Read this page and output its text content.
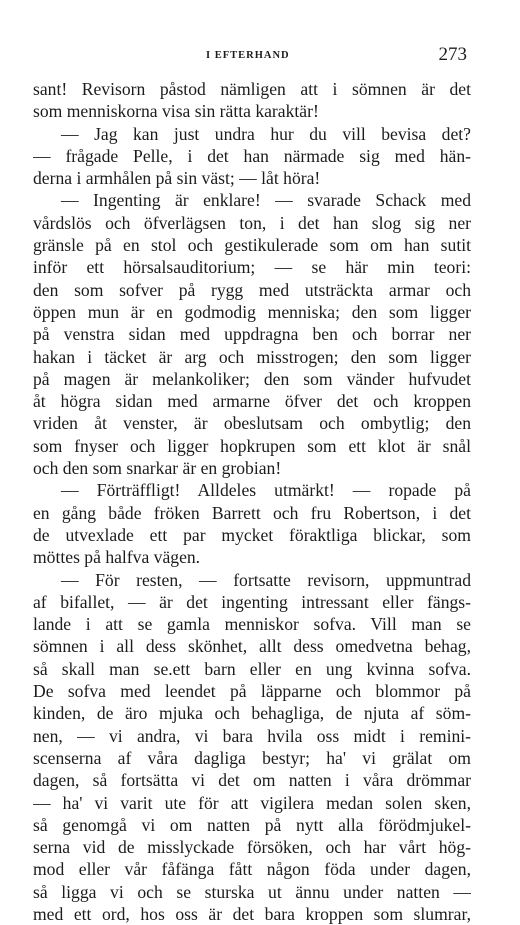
I EFTERHAND	273
sant! Revisorn påstod nämligen att i sömnen är det
som menniskorna visa sin rätta karaktär!
— Jag kan just undra hur du vill bevisa det?
— frågade Pelle, i det han närmade sig med hän-
derna i armhålen på sin väst; — låt höra!
— Ingenting är enklare! — svarade Schack med
vårdslös och öfverlägsen ton, i det han slog sig ner
gränsle på en stol och gestikulerade som om han sutit
inför ett hörsalsauditorium; — se här min teori:
den som sofver på rygg med utsträckta armar och
öppen mun är en godmodig menniska; den som ligger
på venstra sidan med uppdragna ben och borrar ner
hakan i täcket är arg och misstrogen; den som ligger
på magen är melankoliker; den som vänder hufvudet
åt högra sidan med armarne öfver det och kroppen
vriden åt venster, är obeslutsam och ombytlig; den
som fnyser och ligger hopkrupen som ett klot är snål
och den som snarkar är en grobian!
— Förträffligt! Alldeles utmärkt! — ropade på
en gång både fröken Barrett och fru Robertson, i det
de utvexlade ett par mycket föraktliga blickar, som
möttes på halfva vägen.
— För resten, — fortsatte revisorn, uppmuntrad
af bifallet, — är det ingenting intressant eller fängs-
lande i att se gamla menniskor sofva. Vill man se
sömnen i all dess skönhet, allt dess omedvetna behag,
så skall man se.ett barn eller en ung kvinna sofva.
De sofva med leendet på läpparne och blommor på
kinden, de äro mjuka och behagliga, de njuta af söm-
nen, — vi andra, vi bara hvila oss midt i remini-
scenserna af våra dagliga bestyr; ha' vi grälat om
dagen, så fortsätta vi det om natten i våra drömmar
— ha' vi varit ute för att vigilera medan solen sken,
så genomgå vi om natten på nytt alla förödmjukel-
serna vid de misslyckade försöken, och har vårt hög-
mod eller vår fåfänga fått någon föda under dagen,
så ligga vi och se sturska ut ännu under natten —
med ett ord, hos oss är det bara kroppen som slumrar,
